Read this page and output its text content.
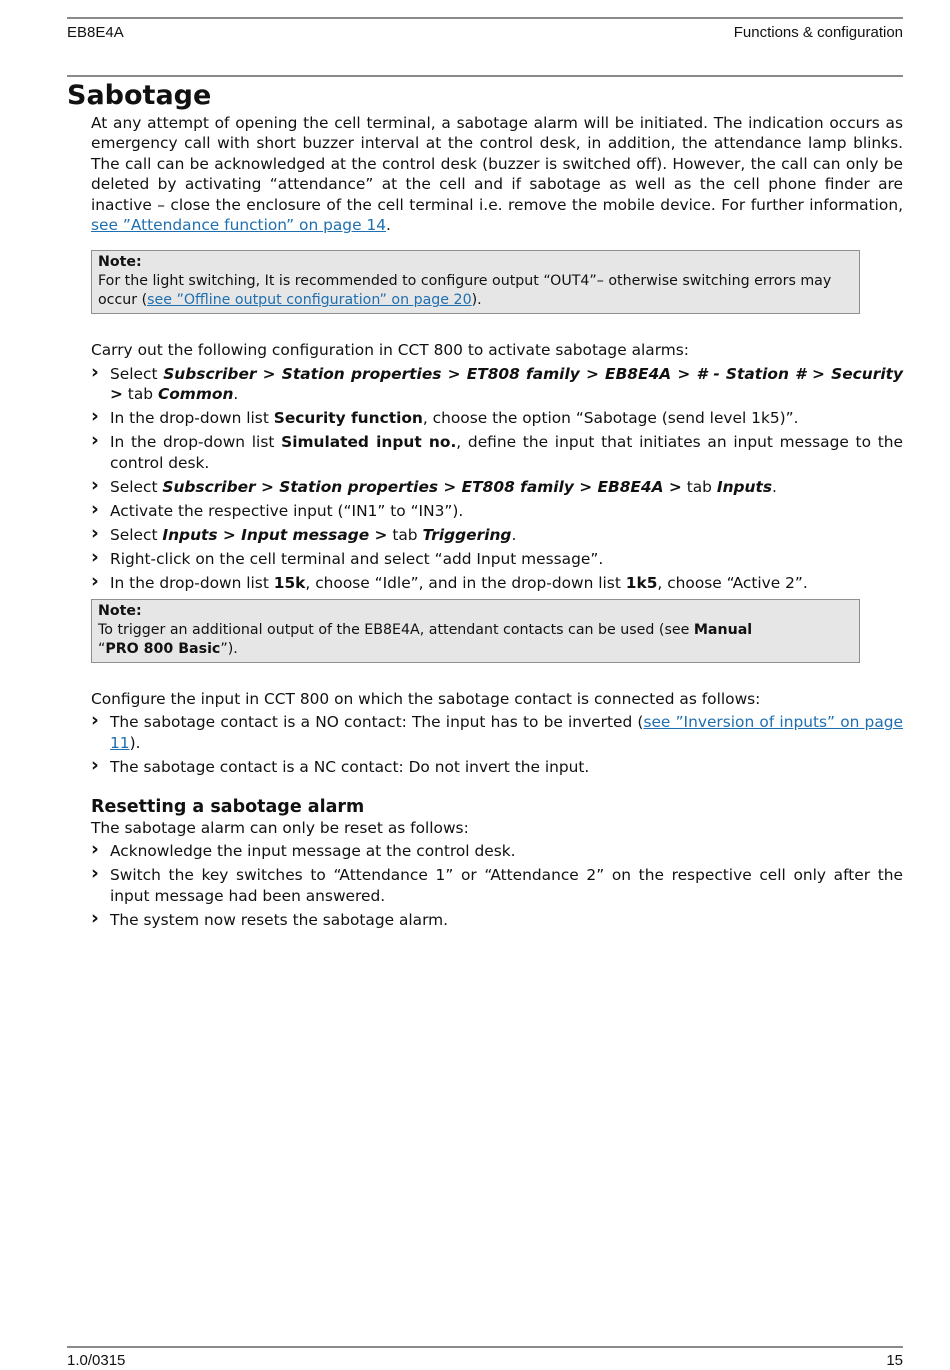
EB8E4A	Functions & configuration
Sabotage

At any attempt of opening the cell terminal, a sabotage alarm will be initiated. The indication occurs as emergency call with short buzzer interval at the control desk, in addition, the attendance lamp blinks. The call can be acknowledged at the control desk (buzzer is switched off). However, the call can only be deleted by activating “attendance” at the cell and if sabotage as well as the cell phone finder are inactive – close the enclosure of the cell terminal i.e. remove the mobile device. For further information, see ”Attendance function” on page 14.

Note:
For the light switching, It is recommended to configure output “OUT4”– otherwise switching errors may occur (see ”Offline output configuration” on page 20).

Carry out the following configuration in CCT 800 to activate sabotage alarms:

› Select Subscriber > Station properties > ET808 family > EB8E4A > # - Station # > Security > tab Common.
› In the drop-down list Security function, choose the option “Sabotage (send level 1k5)”.
› In the drop-down list Simulated input no., define the input that initiates an input message to the control desk.
› Select Subscriber > Station properties > ET808 family > EB8E4A > tab Inputs.
› Activate the respective input (“IN1” to “IN3”).
› Select Inputs > Input message > tab Triggering.
› Right-click on the cell terminal and select “add Input message”.
› In the drop-down list 15k, choose “Idle”, and in the drop-down list 1k5, choose “Active 2”.
Note:
To trigger an additional output of the EB8E4A, attendant contacts can be used (see Manual
“PRO 800 Basic”).

Configure the input in CCT 800 on which the sabotage contact is connected as follows:

› The sabotage contact is a NO contact: The input has to be inverted (see ”Inversion of inputs” on page 11).
› The sabotage contact is a NC contact: Do not invert the input.
Resetting a sabotage alarm

The sabotage alarm can only be reset as follows:

› Acknowledge the input message at the control desk.
› Switch the key switches to “Attendance 1” or “Attendance 2” on the respective cell only after the input message had been answered.
› The system now resets the sabotage alarm.
1.0/0315	15
